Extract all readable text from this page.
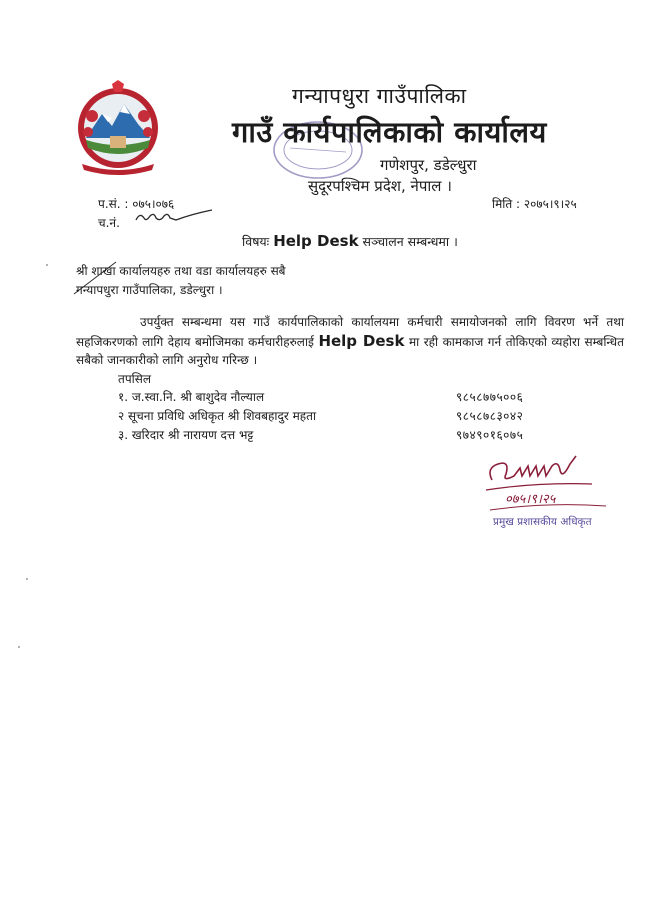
गन्यापधुरा गाउँपालिका
गाउँ कार्यपालिकाको कार्यालय
गणेशपुर, डडेल्धुरा
सुदूरपश्चिम प्रदेश, नेपाल ।
प.सं. : ०७५।०७६
च.नं.
मिति : २०७५।९।२५
विषयः Help Desk सञ्चालन सम्बन्धमा ।
श्री शाखा कार्यालयहरु तथा वडा कार्यालयहरु सबै
गन्यापधुरा गाउँपालिका, डडेल्धुरा ।
उपर्युक्त सम्बन्धमा यस गाउँ कार्यपालिकाको कार्यालयमा कर्मचारी समायोजनको लागि विवरण भर्ने तथा सहजिकरणको लागि देहाय बमोजिमका कर्मचारीहरुलाई Help Desk मा रही कामकाज गर्न तोकिएको व्यहोरा सम्बन्धित सबैको जानकारीको लागि अनुरोध गरिन्छ ।
तपसिल
१. ज.स्वा.नि. श्री बाशुदेव नौल्याल	९८५८७७५००६
२ सूचना प्रविधि अधिकृत श्री शिवबहादुर महता	९८५८७८३०४२
३. खरिदार श्री नारायण दत्त भट्ट	९७४९०१६०७५
०७५।९।२५
प्रमुख प्रशासकीय अधिकृत
